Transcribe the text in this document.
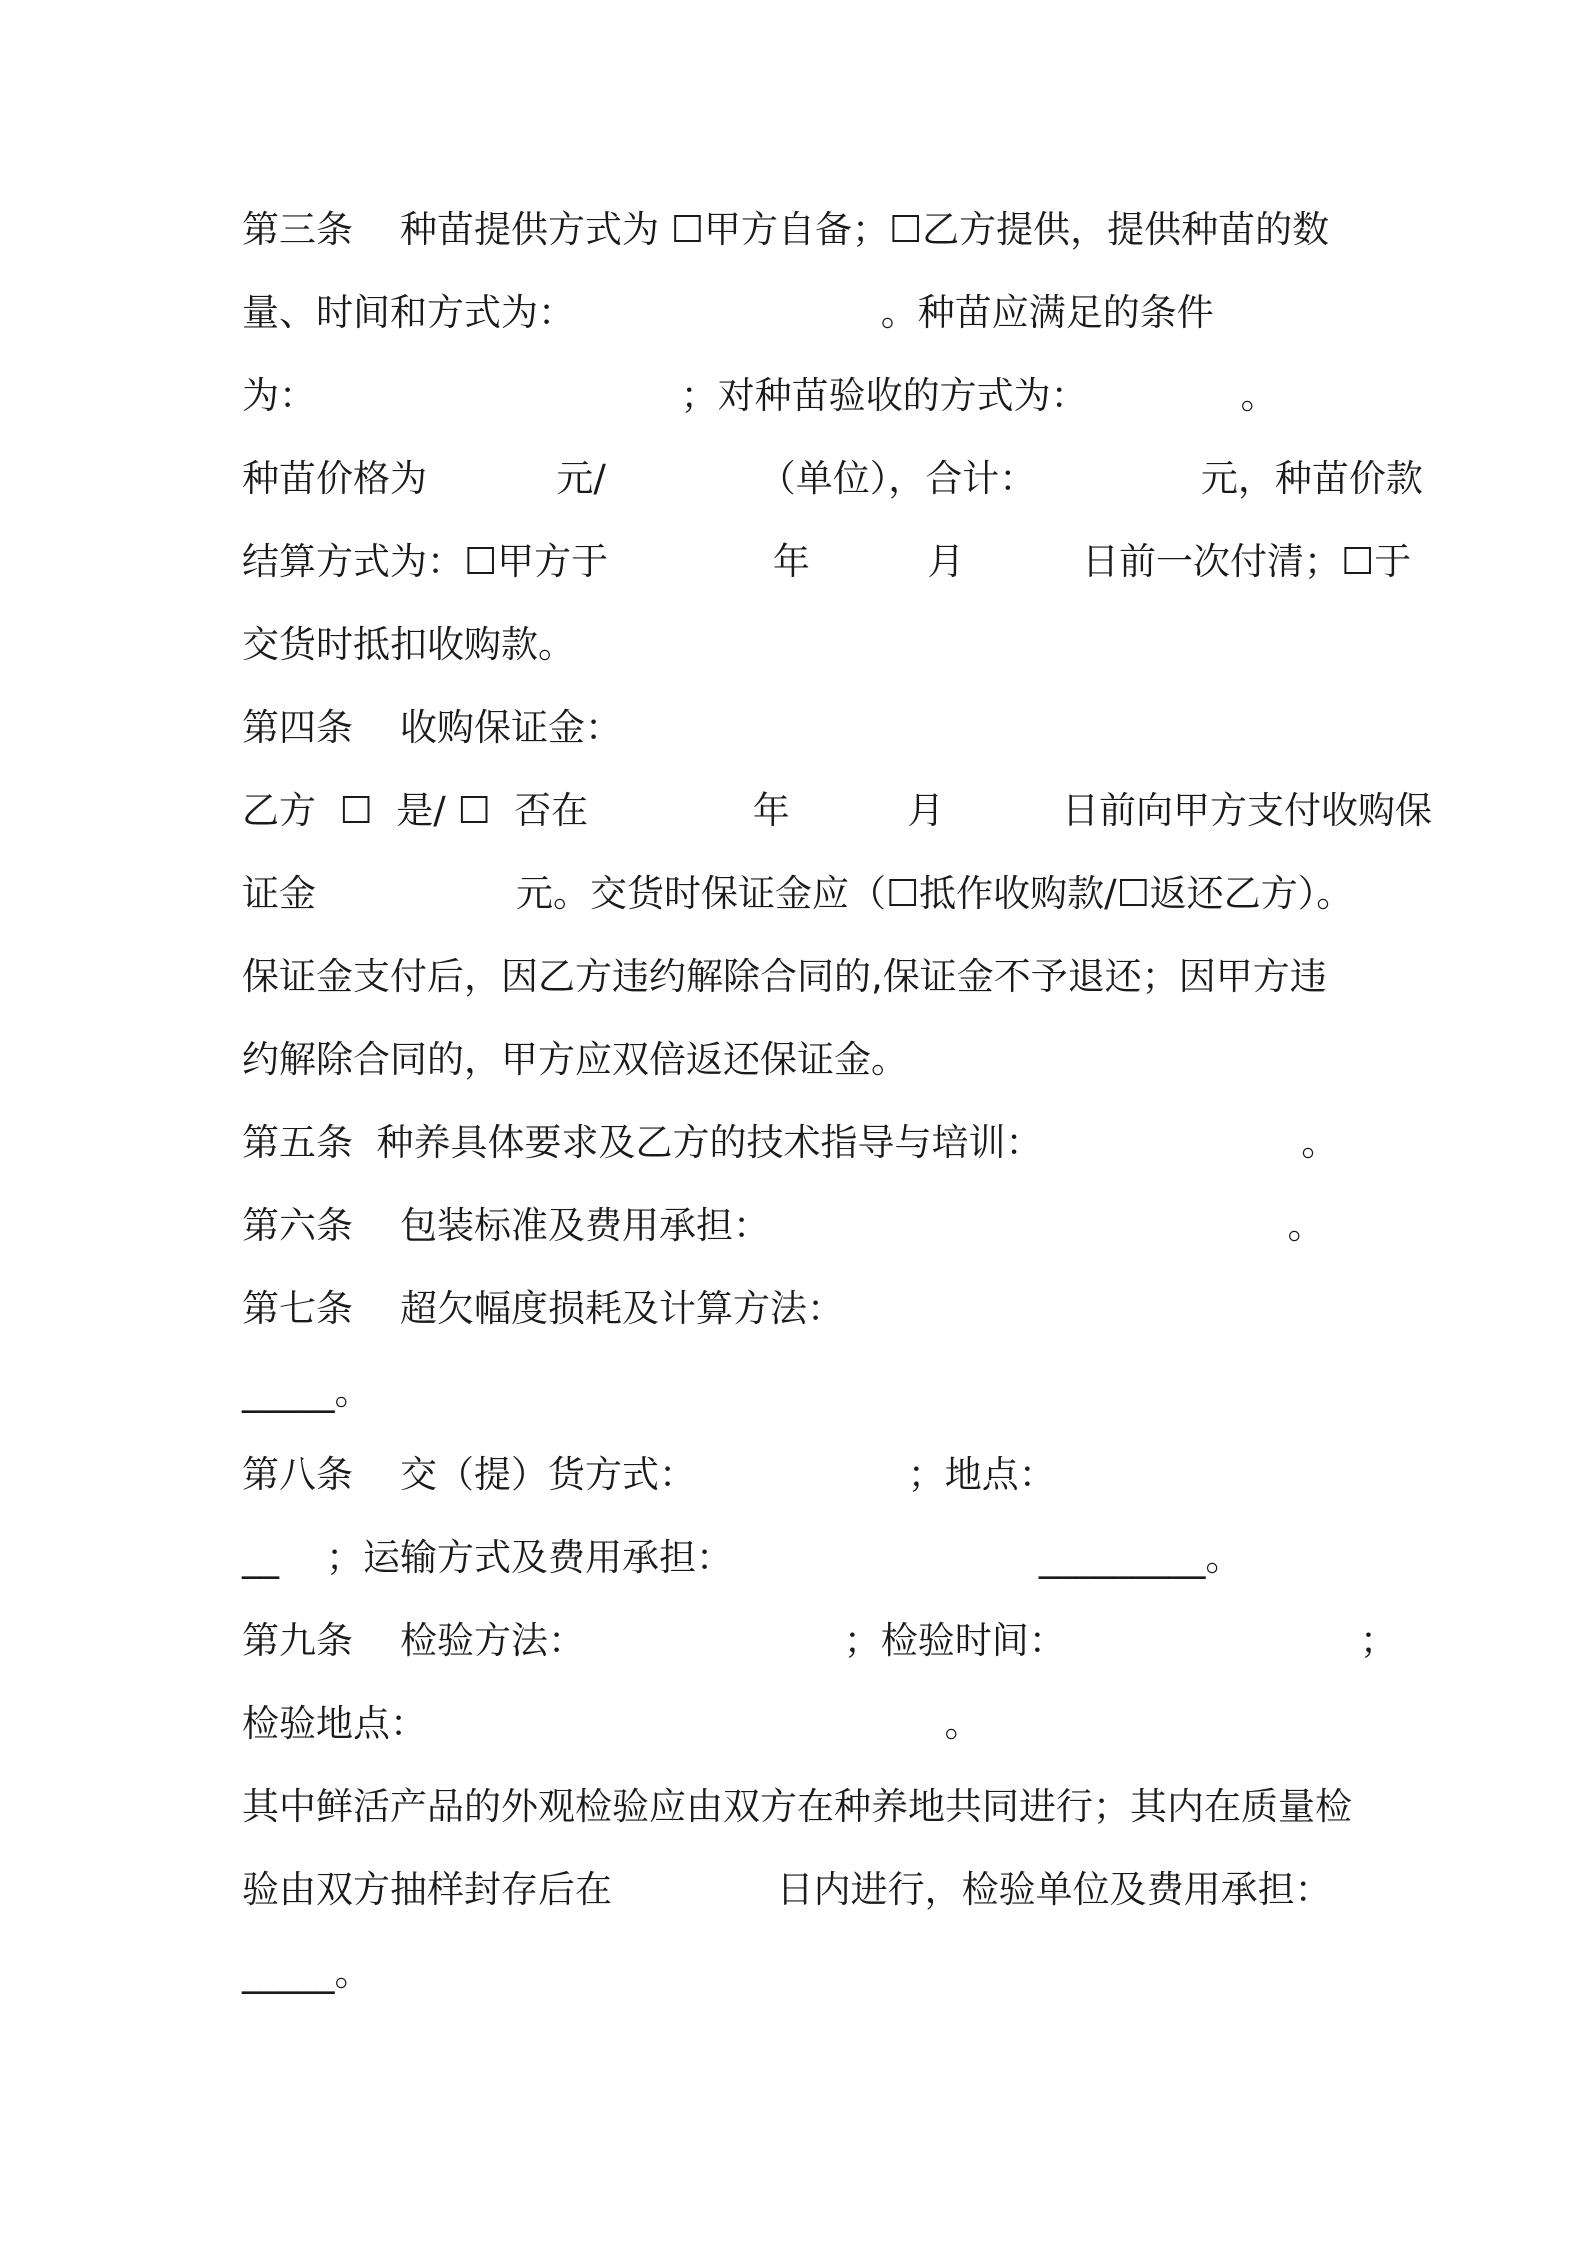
第三条    种苗提供方式为 ☐甲方自备；☐乙方提供，提供种苗的数
量、时间和方式为：                          。种苗应满足的条件
为：                               ；对种苗验收的方式为：             。
种苗价格为           元/             （单位），合计：              元，种苗价款
结算方式为：☐甲方于              年          月          日前一次付清；☐于
交货时抵扣收购款。
第四条    收购保证金：
乙方  ☐  是/ ☐  否在              年          月          日前向甲方支付收购保
证金                 元。交货时保证金应（☐抵作收购款/☐返还乙方）。
保证金支付后，因乙方违约解除合同的,保证金不予退还；因甲方违
约解除合同的，甲方应双倍返还保证金。
第五条  种养具体要求及乙方的技术指导与培训：                      。
第六条    包装标准及费用承担：                                            。
第七条    超欠幅度损耗及计算方法：
_____。
第八条    交（提）货方式：                  ；地点：
__    ；运输方式及费用承担：                          _________。
第九条    检验方法：                      ；检验时间：                         ；
检验地点：                                            。
其中鲜活产品的外观检验应由双方在种养地共同进行；其内在质量检
验由双方抽样封存后在              日内进行，检验单位及费用承担：
_____。
